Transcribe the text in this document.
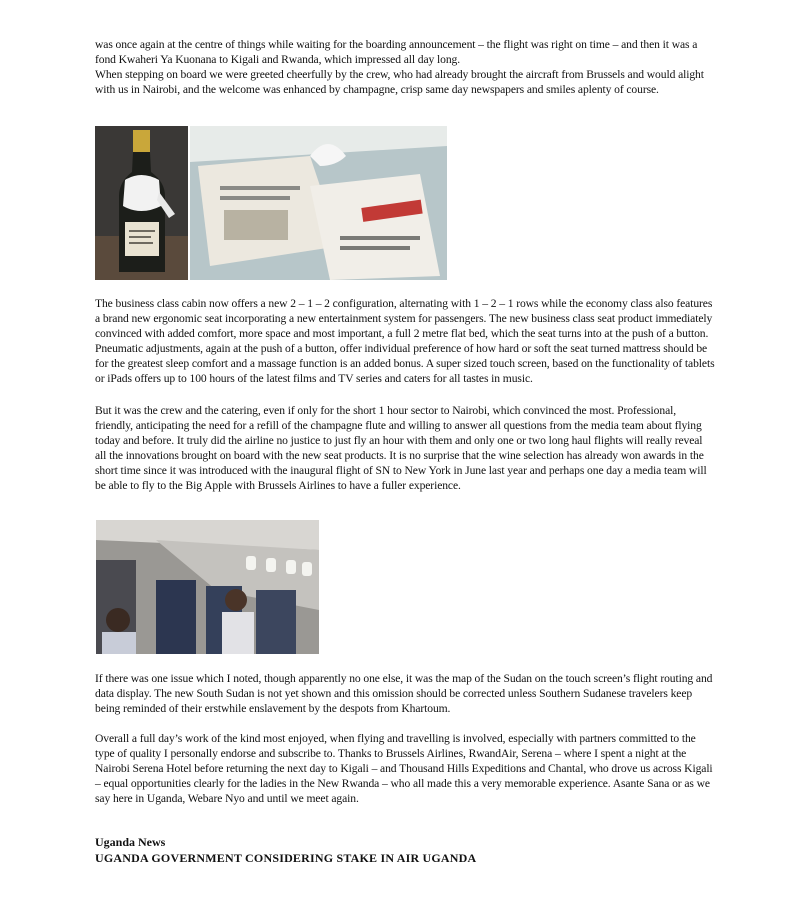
was once again at the centre of things while waiting for the boarding announcement – the flight was right on time – and then it was a fond Kwaheri Ya Kuonana to Kigali and Rwanda, which impressed all day long.

When stepping on board we were greeted cheerfully by the crew, who had already brought the aircraft from Brussels and would alight with us in Nairobi, and the welcome was enhanced by champagne, crisp same day newspapers and smiles aplenty of course.

The business class cabin now offers a new 2 – 1 – 2 configuration, alternating with 1 – 2 – 1 rows while the economy class also features a brand new ergonomic seat incorporating a new entertainment system for passengers. The new business class seat product immediately convinced with added comfort, more space and most important, a full 2 metre flat bed, which the seat turns into at the push of a button. Pneumatic adjustments, again at the push of a button, offer individual preference of how hard or soft the seat turned mattress should be for the greatest sleep comfort and a massage function is an added bonus. A super sized touch screen, based on the functionality of tablets or iPads offers up to 100 hours of the latest films and TV series and caters for all tastes in music.

But it was the crew and the catering, even if only for the short 1 hour sector to Nairobi, which convinced the most. Professional, friendly, anticipating the need for a refill of the champagne flute and willing to answer all questions from the media team about flying today and before. It truly did the airline no justice to just fly an hour with them and only one or two long haul flights will really reveal all the innovations brought on board with the new seat products. It is no surprise that the wine selection has already won awards in the short time since it was introduced with the inaugural flight of SN to New York in June last year and perhaps one day a media team will be able to fly to the Big Apple with Brussels Airlines to have a fuller experience.

If there was one issue which I noted, though apparently no one else, it was the map of the Sudan on the touch screen’s flight routing and data display. The new South Sudan is not yet shown and this omission should be corrected unless Southern Sudanese travelers keep being reminded of their erstwhile enslavement by the despots from Khartoum.

Overall a full day’s work of the kind most enjoyed, when flying and travelling is involved, especially with partners committed to the type of quality I personally endorse and subscribe to. Thanks to Brussels Airlines, RwandAir, Serena – where I spent a night at the Nairobi Serena Hotel before returning the next day to Kigali – and Thousand Hills Expeditions and Chantal, who drove us across Kigali – equal opportunities clearly for the ladies in the New Rwanda – who all made this a very memorable experience. Asante Sana or as we say here in Uganda, Webare Nyo and until we meet again.

Uganda News

UGANDA GOVERNMENT CONSIDERING STAKE IN AIR UGANDA
